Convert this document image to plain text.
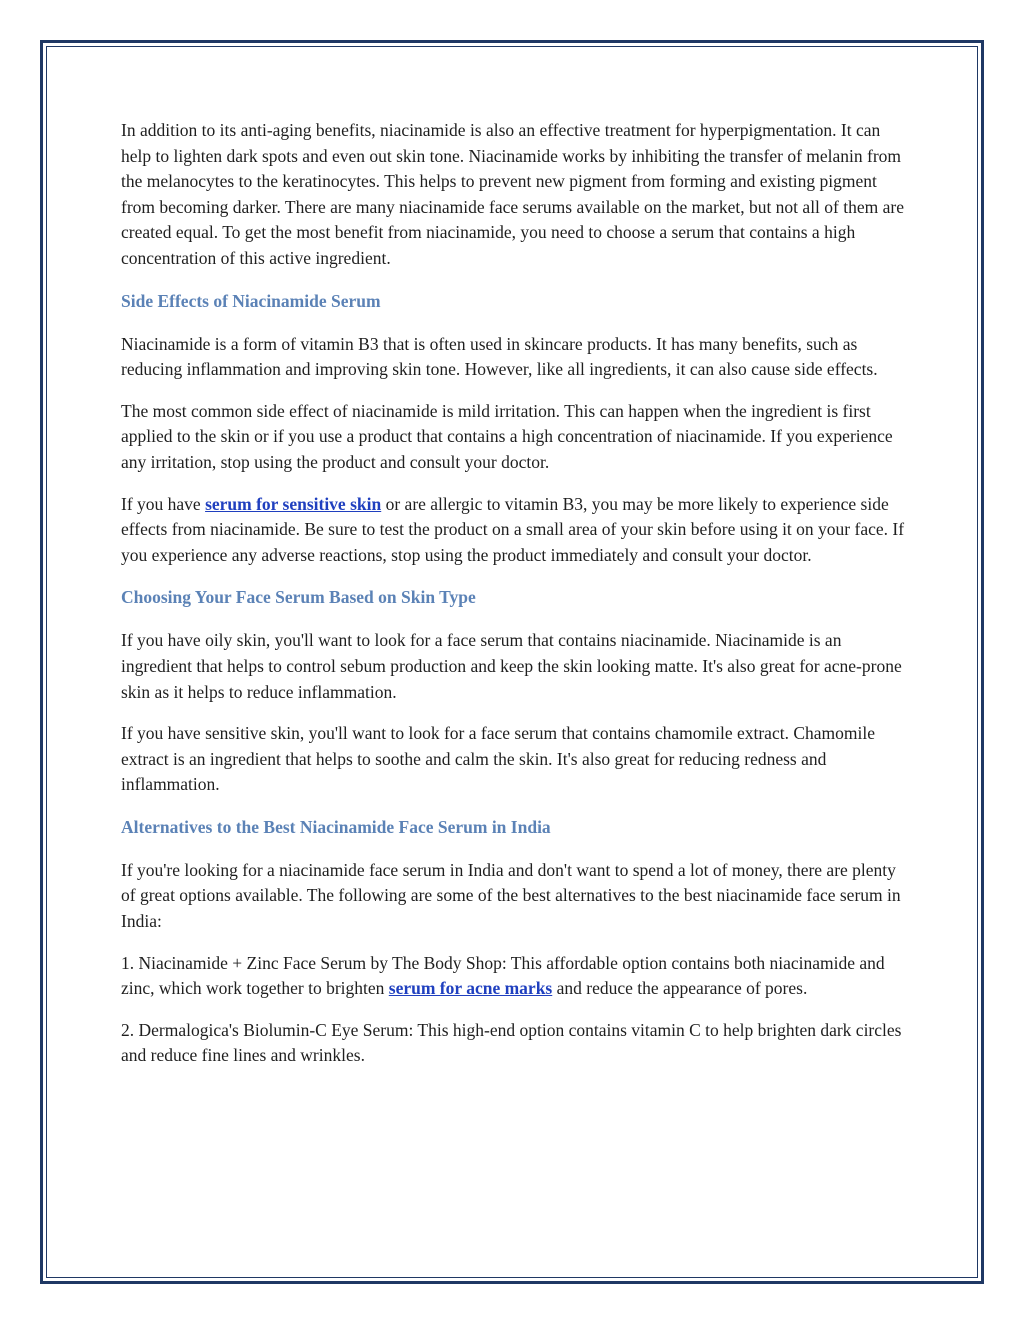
In addition to its anti-aging benefits, niacinamide is also an effective treatment for hyperpigmentation. It can help to lighten dark spots and even out skin tone. Niacinamide works by inhibiting the transfer of melanin from the melanocytes to the keratinocytes. This helps to prevent new pigment from forming and existing pigment from becoming darker. There are many niacinamide face serums available on the market, but not all of them are created equal. To get the most benefit from niacinamide, you need to choose a serum that contains a high concentration of this active ingredient.

Side Effects of Niacinamide Serum

Niacinamide is a form of vitamin B3 that is often used in skincare products. It has many benefits, such as reducing inflammation and improving skin tone. However, like all ingredients, it can also cause side effects.

The most common side effect of niacinamide is mild irritation. This can happen when the ingredient is first applied to the skin or if you use a product that contains a high concentration of niacinamide. If you experience any irritation, stop using the product and consult your doctor.

If you have serum for sensitive skin or are allergic to vitamin B3, you may be more likely to experience side effects from niacinamide. Be sure to test the product on a small area of your skin before using it on your face. If you experience any adverse reactions, stop using the product immediately and consult your doctor.

Choosing Your Face Serum Based on Skin Type

If you have oily skin, you'll want to look for a face serum that contains niacinamide. Niacinamide is an ingredient that helps to control sebum production and keep the skin looking matte. It's also great for acne-prone skin as it helps to reduce inflammation.

If you have sensitive skin, you'll want to look for a face serum that contains chamomile extract. Chamomile extract is an ingredient that helps to soothe and calm the skin. It's also great for reducing redness and inflammation.

Alternatives to the Best Niacinamide Face Serum in India

If you're looking for a niacinamide face serum in India and don't want to spend a lot of money, there are plenty of great options available. The following are some of the best alternatives to the best niacinamide face serum in India:

1. Niacinamide + Zinc Face Serum by The Body Shop: This affordable option contains both niacinamide and zinc, which work together to brighten serum for acne marks and reduce the appearance of pores.

2. Dermalogica's Biolumin-C Eye Serum: This high-end option contains vitamin C to help brighten dark circles and reduce fine lines and wrinkles.
